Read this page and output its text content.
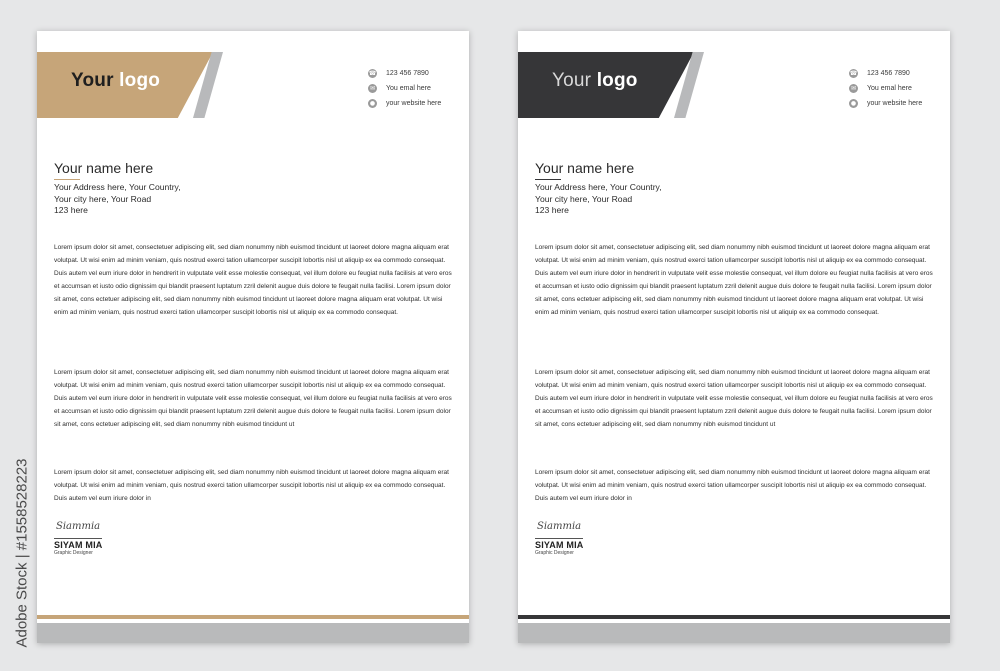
Your logo	☎ 123 456 7890
✉ You emal here
● your website here
Your name here
Your Address here, Your Country,
Your city here, Your Road
123 here
Lorem ipsum dolor sit amet, consectetuer adipiscing elit, sed diam nonummy nibh euismod tincidunt ut laoreet dolore magna aliquam erat volutpat. Ut wisi enim ad minim veniam, quis nostrud exerci tation ullamcorper suscipit lobortis nisl ut aliquip ex ea commodo consequat. Duis autem vel eum iriure dolor in hendrerit in vulputate velit esse molestie consequat, vel illum dolore eu feugiat nulla facilisis at vero eros et accumsan et iusto odio dignissim qui blandit praesent luptatum zzril delenit augue duis dolore te feugait nulla facilisi. Lorem ipsum dolor sit amet, cons ectetuer adipiscing elit, sed diam nonummy nibh euismod tincidunt ut laoreet dolore magna aliquam erat volutpat. Ut wisi enim ad minim veniam, quis nostrud exerci tation ullamcorper suscipit lobortis nisl ut aliquip ex ea commodo consequat.
Lorem ipsum dolor sit amet, consectetuer adipiscing elit, sed diam nonummy nibh euismod tincidunt ut laoreet dolore magna aliquam erat volutpat. Ut wisi enim ad minim veniam, quis nostrud exerci tation ullamcorper suscipit lobortis nisl ut aliquip ex ea commodo consequat. Duis autem vel eum iriure dolor in hendrerit in vulputate velit esse molestie consequat, vel illum dolore eu feugiat nulla facilisis at vero eros et accumsan et iusto odio dignissim qui blandit praesent luptatum zzril delenit augue duis dolore te feugait nulla facilisi. Lorem ipsum dolor sit amet, cons ectetuer adipiscing elit, sed diam nonummy nibh euismod tincidunt ut
Lorem ipsum dolor sit amet, consectetuer adipiscing elit, sed diam nonummy nibh euismod tincidunt ut laoreet dolore magna aliquam erat volutpat. Ut wisi enim ad minim veniam, quis nostrud exerci tation ullamcorper suscipit lobortis nisl ut aliquip ex ea commodo consequat. Duis autem vel eum iriure dolor in
Siammia
SIYAM MIA
Graphic Designer
Your logo	☎ 123 456 7890
✉ You emal here
● your website here
Your name here
Your Address here, Your Country,
Your city here, Your Road
123 here
Lorem ipsum dolor sit amet, consectetuer adipiscing elit, sed diam nonummy nibh euismod tincidunt ut laoreet dolore magna aliquam erat volutpat. Ut wisi enim ad minim veniam, quis nostrud exerci tation ullamcorper suscipit lobortis nisl ut aliquip ex ea commodo consequat. Duis autem vel eum iriure dolor in hendrerit in vulputate velit esse molestie consequat, vel illum dolore eu feugiat nulla facilisis at vero eros et accumsan et iusto odio dignissim qui blandit praesent luptatum zzril delenit augue duis dolore te feugait nulla facilisi. Lorem ipsum dolor sit amet, cons ectetuer adipiscing elit, sed diam nonummy nibh euismod tincidunt ut laoreet dolore magna aliquam erat volutpat. Ut wisi enim ad minim veniam, quis nostrud exerci tation ullamcorper suscipit lobortis nisl ut aliquip ex ea commodo consequat.
Lorem ipsum dolor sit amet, consectetuer adipiscing elit, sed diam nonummy nibh euismod tincidunt ut laoreet dolore magna aliquam erat volutpat. Ut wisi enim ad minim veniam, quis nostrud exerci tation ullamcorper suscipit lobortis nisl ut aliquip ex ea commodo consequat. Duis autem vel eum iriure dolor in hendrerit in vulputate velit esse molestie consequat, vel illum dolore eu feugiat nulla facilisis at vero eros et accumsan et iusto odio dignissim qui blandit praesent luptatum zzril delenit augue duis dolore te feugait nulla facilisi. Lorem ipsum dolor sit amet, cons ectetuer adipiscing elit, sed diam nonummy nibh euismod tincidunt ut
Lorem ipsum dolor sit amet, consectetuer adipiscing elit, sed diam nonummy nibh euismod tincidunt ut laoreet dolore magna aliquam erat volutpat. Ut wisi enim ad minim veniam, quis nostrud exerci tation ullamcorper suscipit lobortis nisl ut aliquip ex ea commodo consequat. Duis autem vel eum iriure dolor in
Siammia
SIYAM MIA
Graphic Designer
Adobe Stock | #1558528223
